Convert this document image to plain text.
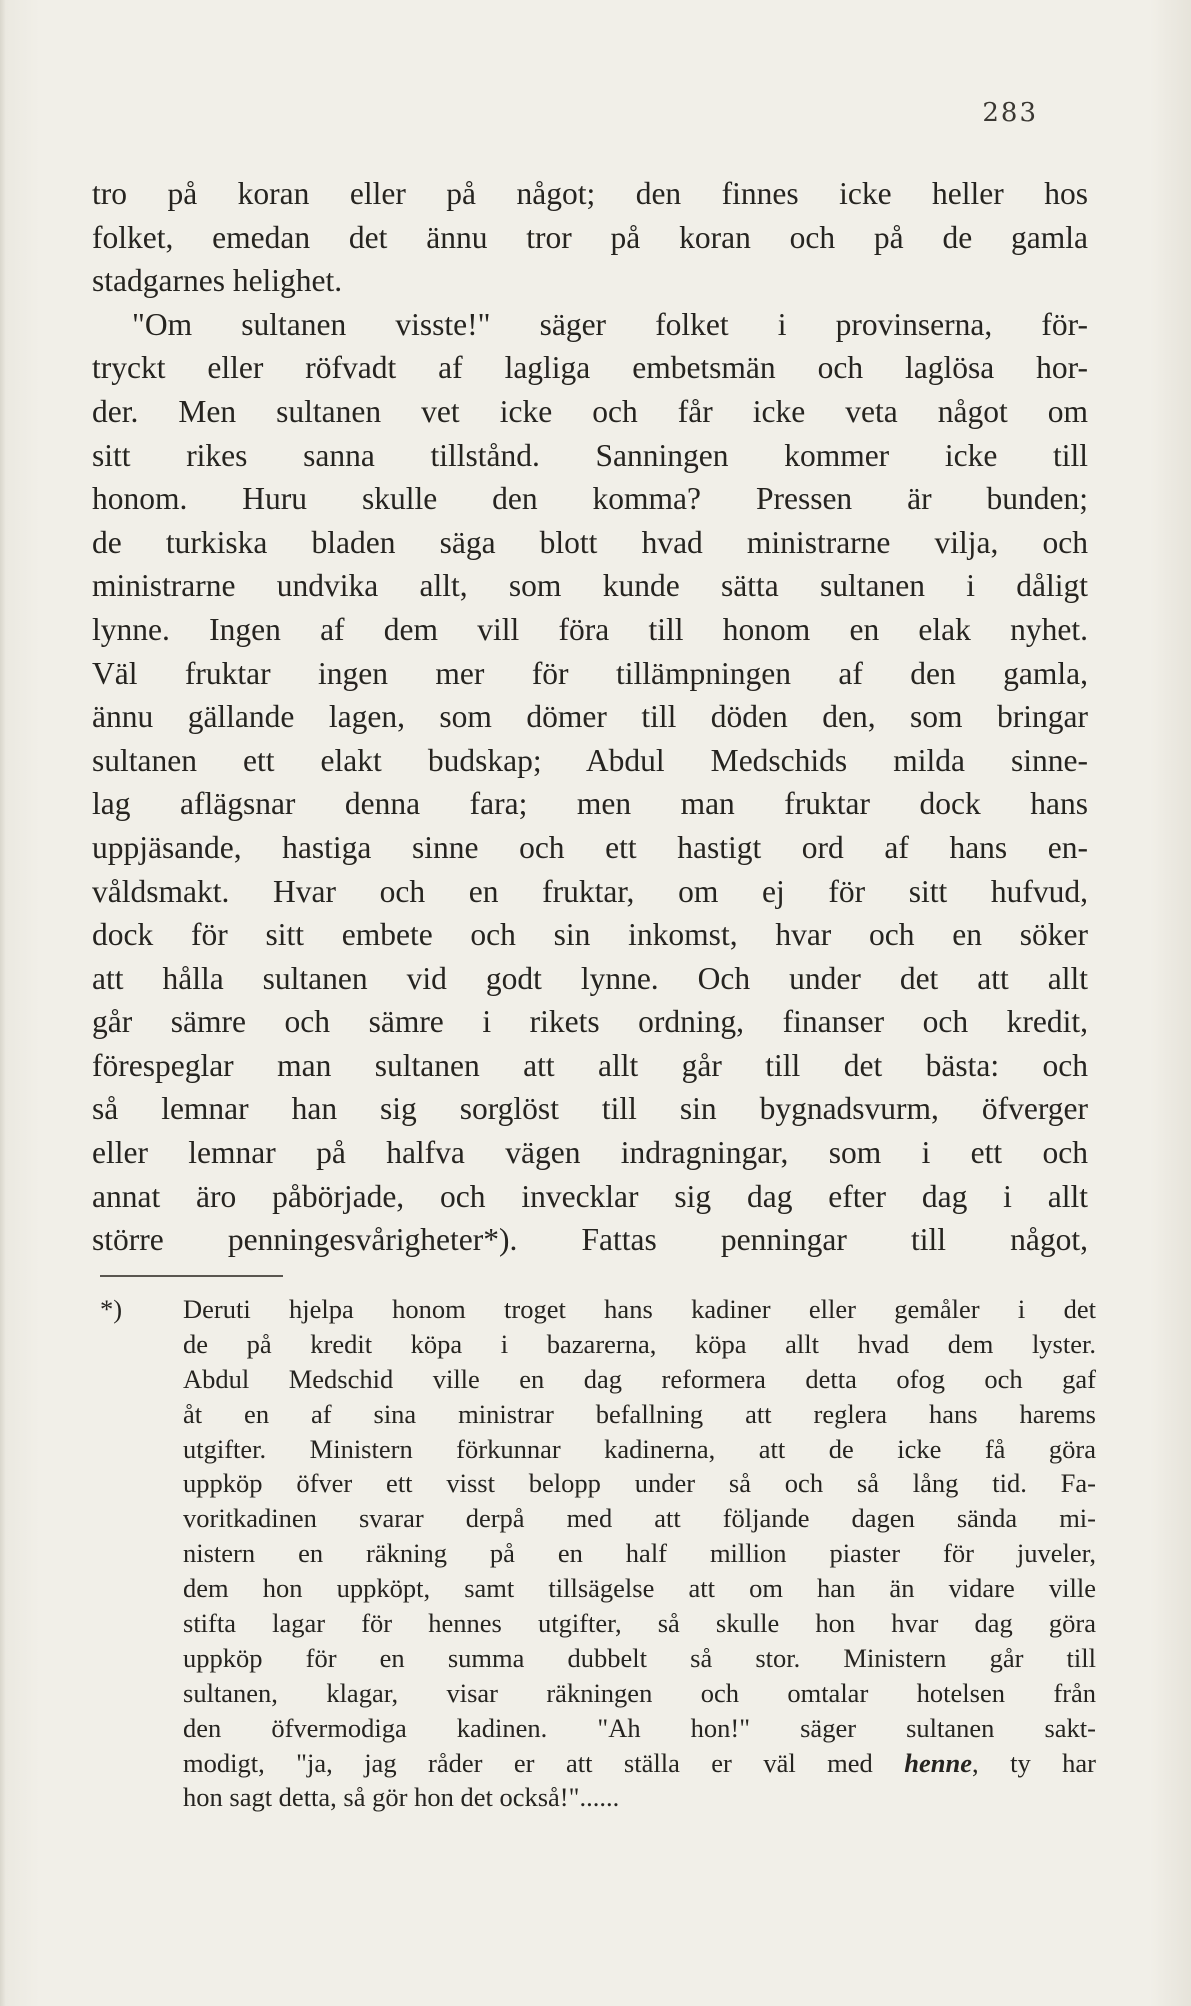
283
tro på koran eller på något; den finnes icke heller hos
folket, emedan det ännu tror på koran och på de gamla
stadgarnes helighet.
"Om sultanen visste!" säger folket i provinserna, för-
tryckt eller röfvadt af lagliga embetsmän och laglösa hor-
der. Men sultanen vet icke och får icke veta något om
sitt rikes sanna tillstånd. Sanningen kommer icke till
honom. Huru skulle den komma? Pressen är bunden;
de turkiska bladen säga blott hvad ministrarne vilja, och
ministrarne undvika allt, som kunde sätta sultanen i dåligt
lynne. Ingen af dem vill föra till honom en elak nyhet.
Väl fruktar ingen mer för tillämpningen af den gamla,
ännu gällande lagen, som dömer till döden den, som bringar
sultanen ett elakt budskap; Abdul Medschids milda sinne-
lag aflägsnar denna fara; men man fruktar dock hans
uppjäsande, hastiga sinne och ett hastigt ord af hans en-
våldsmakt. Hvar och en fruktar, om ej för sitt hufvud,
dock för sitt embete och sin inkomst, hvar och en söker
att hålla sultanen vid godt lynne. Och under det att allt
går sämre och sämre i rikets ordning, finanser och kredit,
förespeglar man sultanen att allt går till det bästa: och
så lemnar han sig sorglöst till sin bygnadsvurm, öfverger
eller lemnar på halfva vägen indragningar, som i ett och
annat äro påbörjade, och invecklar sig dag efter dag i allt
större penningesvårigheter*). Fattas penningar till något,
*)	Deruti hjelpa honom troget hans kadiner eller gemåler i det
de på kredit köpa i bazarerna, köpa allt hvad dem lyster.
Abdul Medschid ville en dag reformera detta ofog och gaf
åt en af sina ministrar befallning att reglera hans harems
utgifter. Ministern förkunnar kadinerna, att de icke få göra
uppköp öfver ett visst belopp under så och så lång tid. Fa-
voritkadinen svarar derpå med att följande dagen sända mi-
nistern en räkning på en half million piaster för juveler,
dem hon uppköpt, samt tillsägelse att om han än vidare ville
stifta lagar för hennes utgifter, så skulle hon hvar dag göra
uppköp för en summa dubbelt så stor. Ministern går till
sultanen, klagar, visar räkningen och omtalar hotelsen från
den öfvermodiga kadinen. "Ah hon!" säger sultanen sakt-
modigt, "ja, jag råder er att ställa er väl med henne, ty har
hon sagt detta, så gör hon det också!"......
